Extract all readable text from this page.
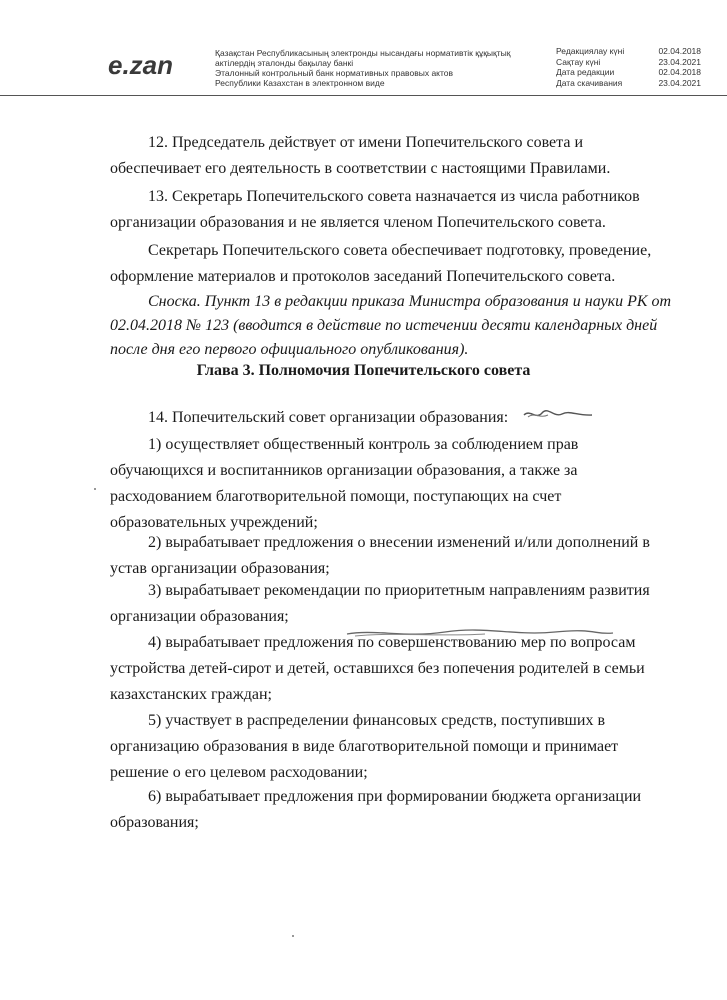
e.zan	Қазақстан Республикасының электронды нысандағы нормативтік құқықтық
актілердің эталонды бақылау банкі
Эталонный контрольный банк нормативных правовых актов
Республики Казахстан в электронном виде
Редакциялау күні	02.04.2018
Сақтау күні	23.04.2021
Дата редакции	02.04.2018
Дата скачивания	23.04.2021
12. Председатель действует от имени Попечительского совета и
обеспечивает его деятельность в соответствии с настоящими Правилами.
13. Секретарь Попечительского совета назначается из числа работников
организации образования и не является членом Попечительского совета.
Секретарь Попечительского совета обеспечивает подготовку, проведение,
оформление материалов и протоколов заседаний Попечительского совета.
Сноска. Пункт 13 в редакции приказа Министра образования и науки РК от
02.04.2018 № 123 (вводится в действие по истечении десяти календарных дней
после дня его первого официального опубликования).
Глава 3. Полномочия Попечительского совета
14. Попечительский совет организации образования:
1) осуществляет общественный контроль за соблюдением прав
обучающихся и воспитанников организации образования, а также за
расходованием благотворительной помощи, поступающих на счет
образовательных учреждений;
2) вырабатывает предложения о внесении изменений и/или дополнений в
устав организации образования;
3) вырабатывает рекомендации по приоритетным направлениям развития
организации образования;
4) вырабатывает предложения по совершенствованию мер по вопросам
устройства детей-сирот и детей, оставшихся без попечения родителей в семьи
казахстанских граждан;
5) участвует в распределении финансовых средств, поступивших в
организацию образования в виде благотворительной помощи и принимает
решение о его целевом расходовании;
6) вырабатывает предложения при формировании бюджета организации
образования;
